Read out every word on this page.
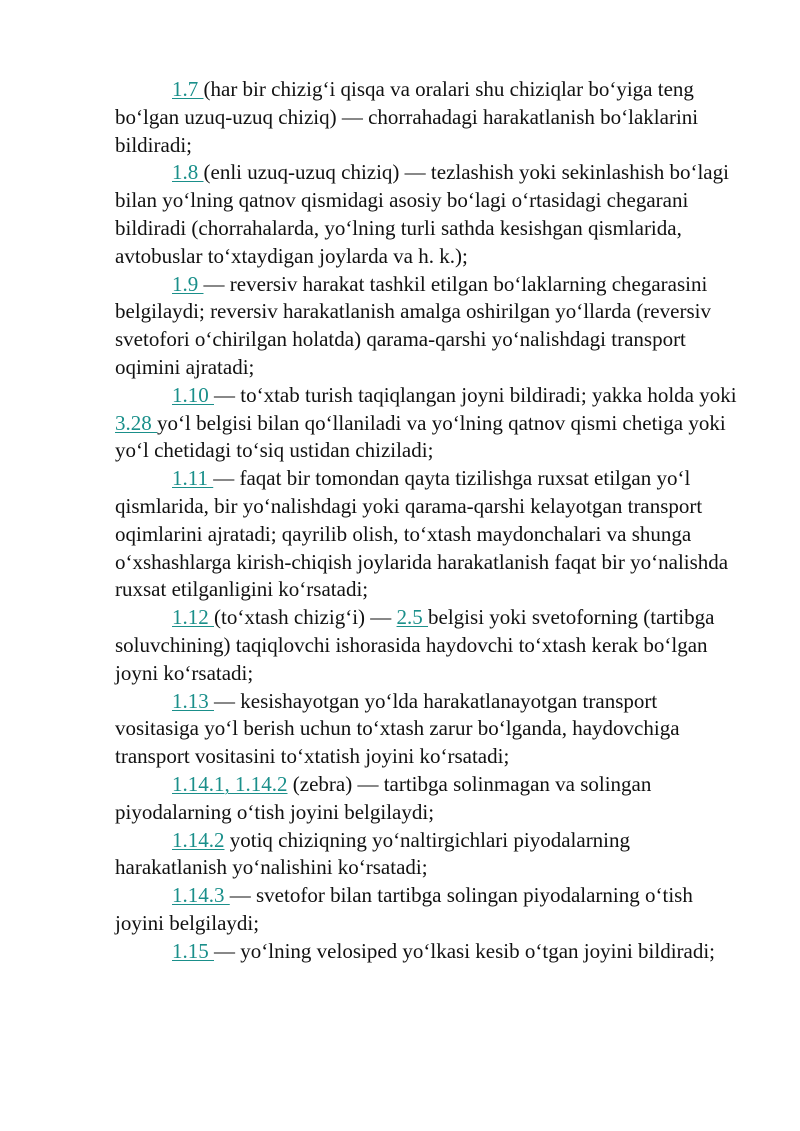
1.7 (har bir chizig‘i qisqa va oralari shu chiziqlar bo‘yiga teng bo‘lgan uzuq-uzuq chiziq) — chorrahadagi harakatlanish bo‘laklarini bildiradi;

1.8 (enli uzuq-uzuq chiziq) — tezlashish yoki sekinlashish bo‘lagi bilan yo‘lning qatnov qismidagi asosiy bo‘lagi o‘rtasidagi chegarani bildiradi (chorrahalarda, yo‘lning turli sathda kesishgan qismlarida, avtobuslar to‘xtaydigan joylarda va h. k.);

1.9 — reversiv harakat tashkil etilgan bo‘laklarning chegarasini belgilaydi; reversiv harakatlanish amalga oshirilgan yo‘llarda (reversiv svetofori o‘chirilgan holatda) qarama-qarshi yo‘nalishdagi transport oqimini ajratadi;

1.10 — to‘xtab turish taqiqlangan joyni bildiradi; yakka holda yoki 3.28 yo‘l belgisi bilan qo‘llaniladi va yo‘lning qatnov qismi chetiga yoki yo‘l chetidagi to‘siq ustidan chiziladi;

1.11 — faqat bir tomondan qayta tizilishga ruxsat etilgan yo‘l qismlarida, bir yo‘nalishdagi yoki qarama-qarshi kelayotgan transport oqimlarini ajratadi; qayrilib olish, to‘xtash maydonchalari va shunga o‘xshashlarga kirish-chiqish joylarida harakatlanish faqat bir yo‘nalishda ruxsat etilganligini ko‘rsatadi;

1.12 (to‘xtash chizig‘i) — 2.5 belgisi yoki svetoforning (tartibga soluvchining) taqiqlovchi ishorasida haydovchi to‘xtash kerak bo‘lgan joyni ko‘rsatadi;

1.13 — kesishayotgan yo‘lda harakatlanayotgan transport vositasiga yo‘l berish uchun to‘xtash zarur bo‘lganda, haydovchiga transport vositasini to‘xtatish joyini ko‘rsatadi;

1.14.1, 1.14.2 (zebra) — tartibga solinmagan va solingan piyodalarning o‘tish joyini belgilaydi;

1.14.2 yotiq chiziqning yo‘naltirgichlari piyodalarning harakatlanish yo‘nalishini ko‘rsatadi;

1.14.3 — svetofor bilan tartibga solingan piyodalarning o‘tish joyini belgilaydi;

1.15 — yo‘lning velosiped yo‘lkasi kesib o‘tgan joyini bildiradi;
